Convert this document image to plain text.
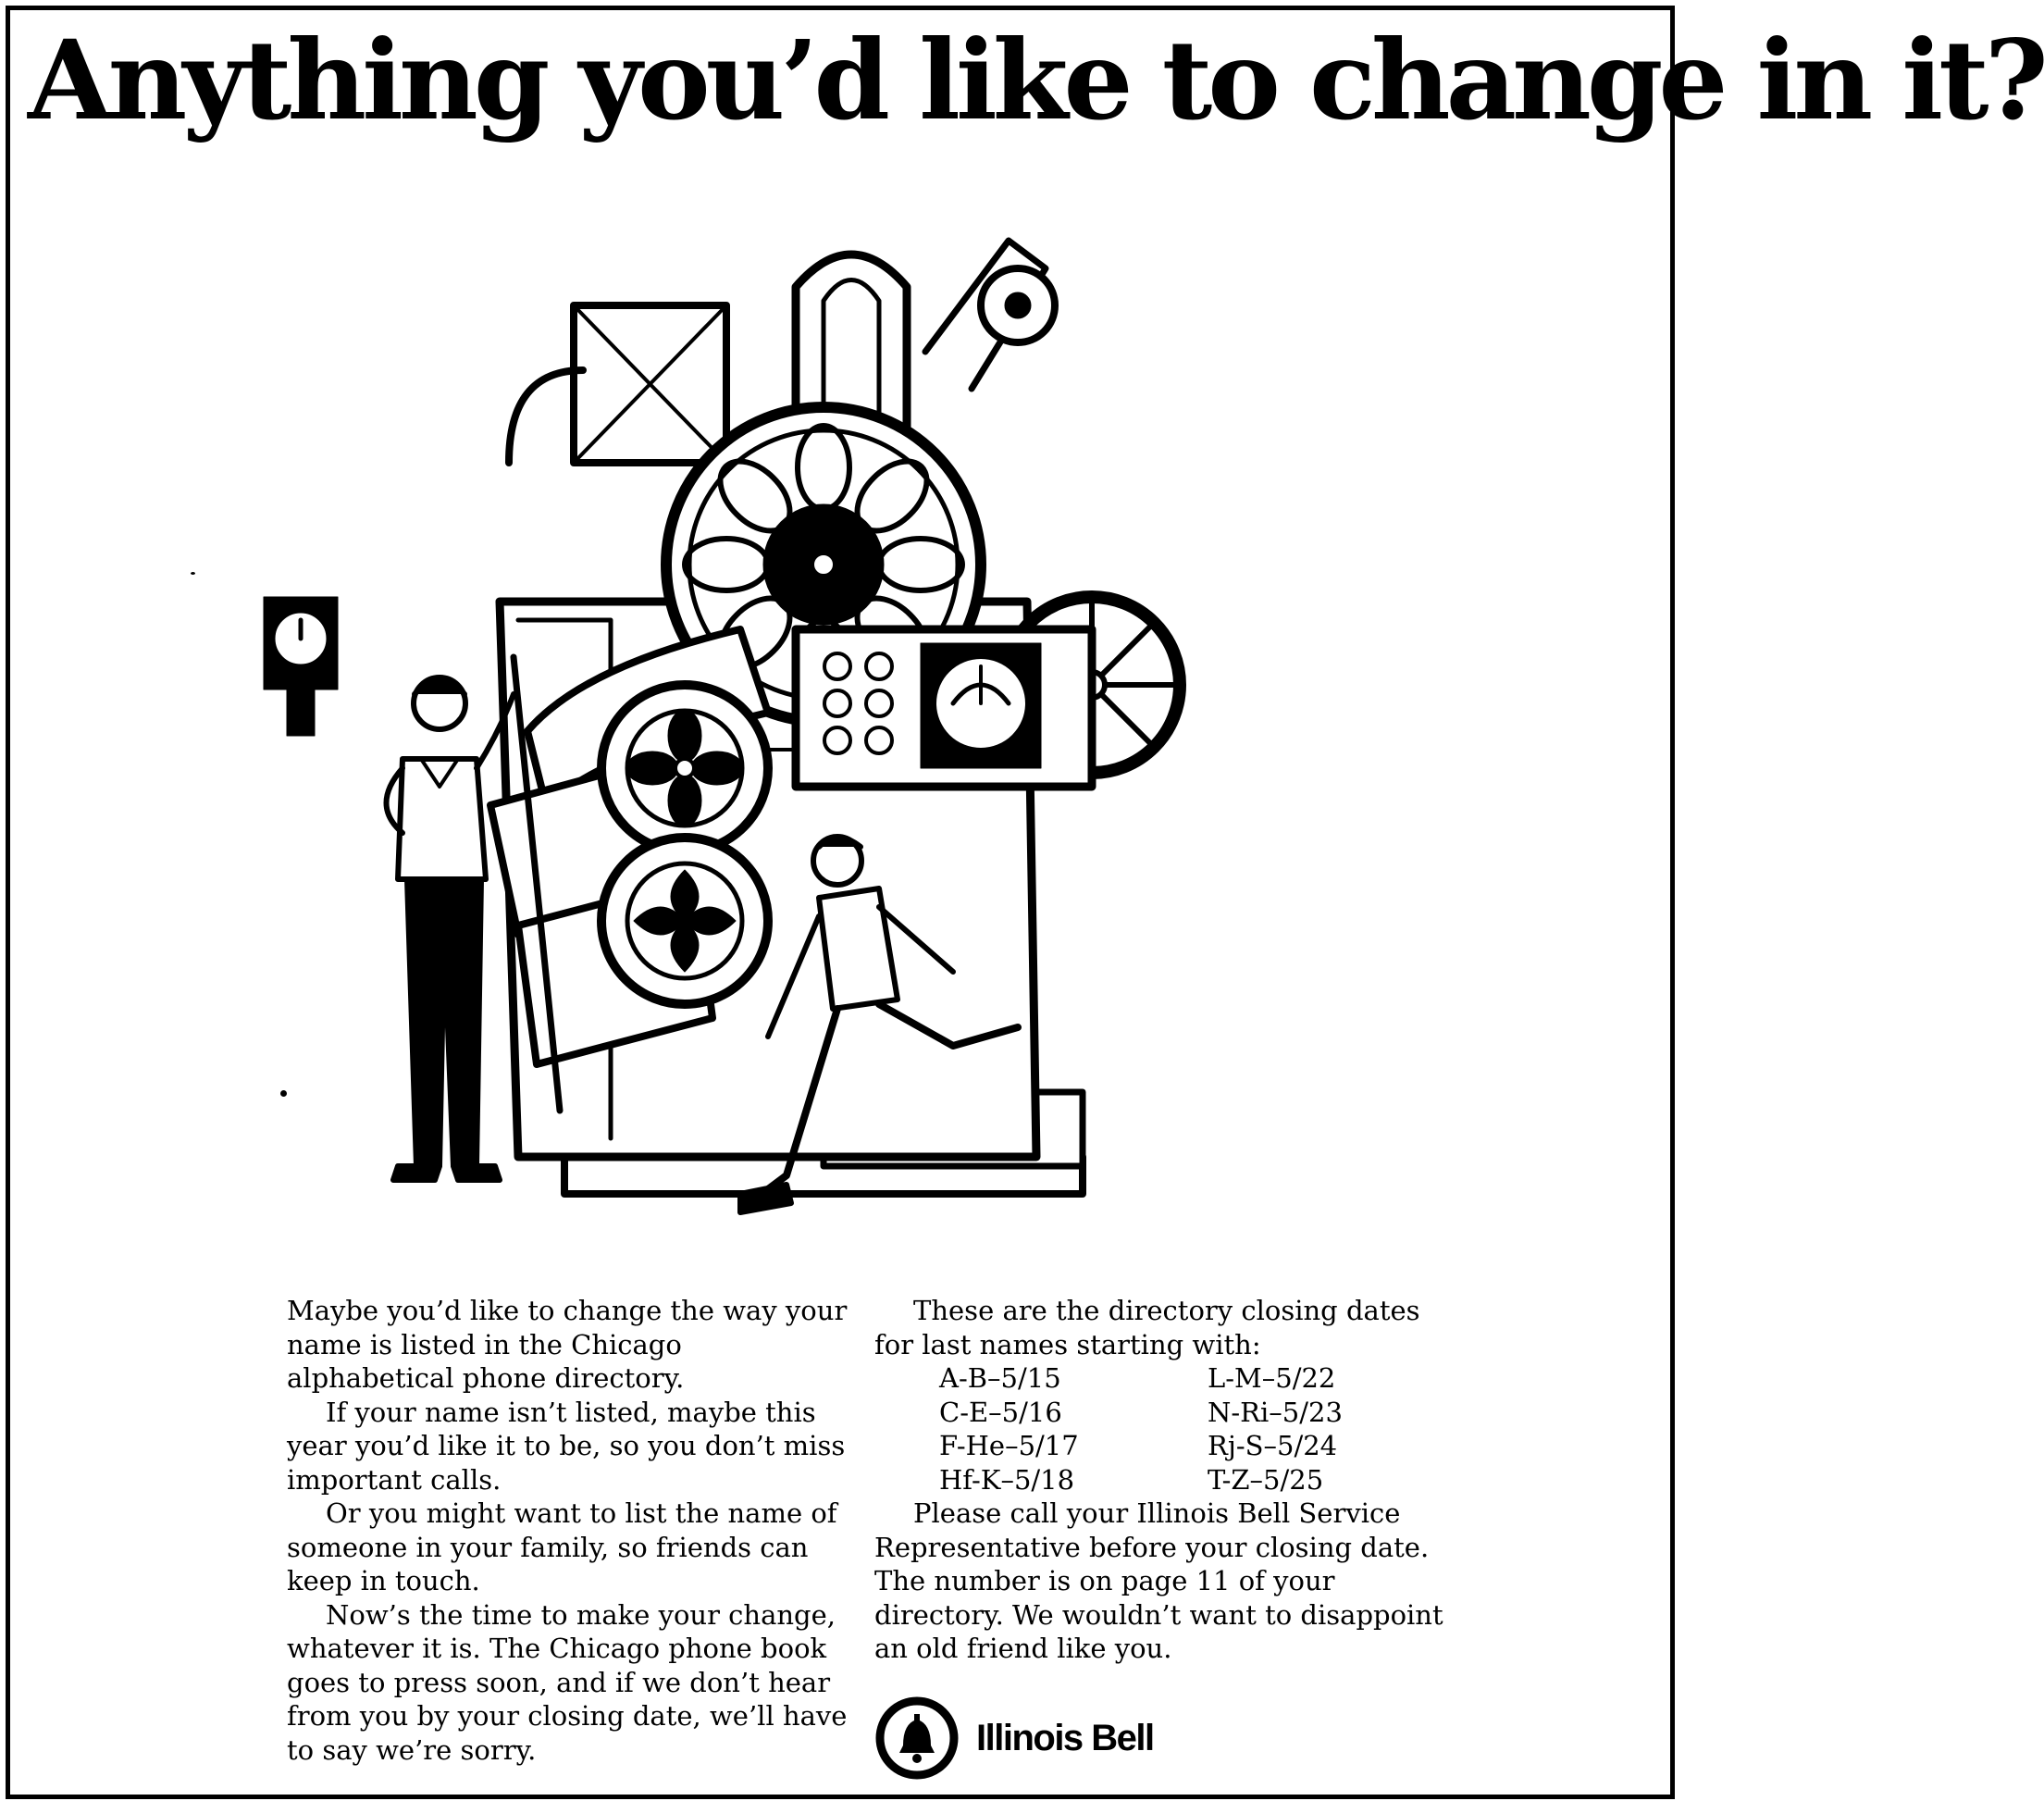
Anything you’d like to change in it?

Maybe you’d like to change the way your name is listed in the Chicago alphabetical phone directory.

If your name isn’t listed, maybe this year you’d like it to be, so you don’t miss important calls.

Or you might want to list the name of someone in your family, so friends can keep in touch.

Now’s the time to make your change, whatever it is. The Chicago phone book goes to press soon, and if we don’t hear from you by your closing date, we’ll have to say we’re sorry.

These are the directory closing dates for last names starting with:

A-B–5/15	L-M–5/22
C-E–5/16	N-Ri–5/23
F-He–5/17	Rj-S–5/24
Hf-K–5/18	T-Z–5/25

Please call your Illinois Bell Service Representative before your closing date. The number is on page 11 of your directory. We wouldn’t want to disappoint an old friend like you.

Illinois Bell
